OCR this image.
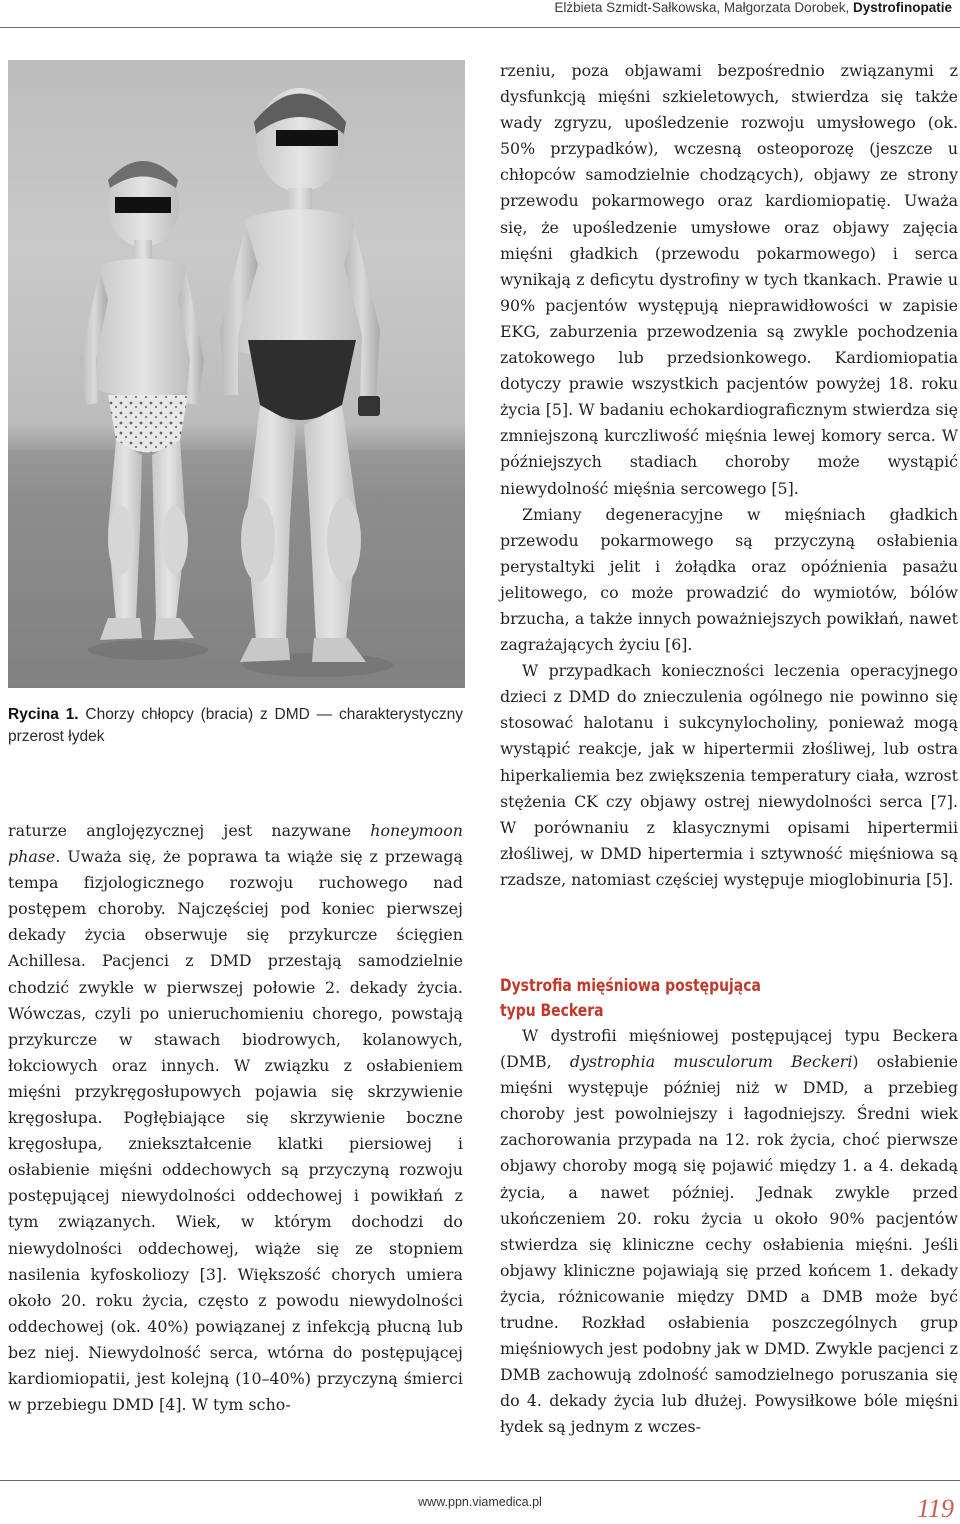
Elżbieta Szmidt-Sałkowska, Małgorzata Dorobek, Dystrofinopatie
Rycina 1. Chorzy chłopcy (bracia) z DMD — charakterystyczny przerost łydek

raturze anglojęzycznej jest nazywane honeymoon phase. Uważa się, że poprawa ta wiąże się z przewagą tempa fizjologicznego rozwoju ruchowego nad postępem choroby. Najczęściej pod koniec pierwszej dekady życia obserwuje się przykurcze ścięgien Achillesa. Pacjenci z DMD przestają samodzielnie chodzić zwykle w pierwszej połowie 2. dekady życia. Wówczas, czyli po unieruchomieniu chorego, powstają przykurcze w stawach biodrowych, kolanowych, łokciowych oraz innych. W związku z osłabieniem mięśni przykręgosłupowych pojawia się skrzywienie kręgosłupa. Pogłębiające się skrzywienie boczne kręgosłupa, zniekształcenie klatki piersiowej i osłabienie mięśni oddechowych są przyczyną rozwoju postępującej niewydolności oddechowej i powikłań z tym związanych. Wiek, w którym dochodzi do niewydolności oddechowej, wiąże się ze stopniem nasilenia kyfoskoliozy [3]. Większość chorych umiera około 20. roku życia, często z powodu niewydolności oddechowej (ok. 40%) powiązanej z infekcją płucną lub bez niej. Niewydolność serca, wtórna do postępującej kardiomiopatii, jest kolejną (10–40%) przyczyną śmierci w przebiegu DMD [4]. W tym scho-

rzeniu, poza objawami bezpośrednio związanymi z dysfunkcją mięśni szkieletowych, stwierdza się także wady zgryzu, upośledzenie rozwoju umysłowego (ok. 50% przypadków), wczesną osteoporozę (jeszcze u chłopców samodzielnie chodzących), objawy ze strony przewodu pokarmowego oraz kardiomiopatię. Uważa się, że upośledzenie umysłowe oraz objawy zajęcia mięśni gładkich (przewodu pokarmowego) i serca wynikają z deficytu dystrofiny w tych tkankach. Prawie u 90% pacjentów występują nieprawidłowości w zapisie EKG, zaburzenia przewodzenia są zwykle pochodzenia zatokowego lub przedsionkowego. Kardiomiopatia dotyczy prawie wszystkich pacjentów powyżej 18. roku życia [5]. W badaniu echokardiograficznym stwierdza się zmniejszoną kurczliwość mięśnia lewej komory serca. W późniejszych stadiach choroby może wystąpić niewydolność mięśnia sercowego [5].

Zmiany degeneracyjne w mięśniach gładkich przewodu pokarmowego są przyczyną osłabienia perystaltyki jelit i żołądka oraz opóźnienia pasażu jelitowego, co może prowadzić do wymiotów, bólów brzucha, a także innych poważniejszych powikłań, nawet zagrażających życiu [6].

W przypadkach konieczności leczenia operacyjnego dzieci z DMD do znieczulenia ogólnego nie powinno się stosować halotanu i sukcynylocholiny, ponieważ mogą wystąpić reakcje, jak w hipertermii złośliwej, lub ostra hiperkaliemia bez zwiększenia temperatury ciała, wzrost stężenia CK czy objawy ostrej niewydolności serca [7]. W porównaniu z klasycznymi opisami hipertermii złośliwej, w DMD hipertermia i sztywność mięśniowa są rzadsze, natomiast częściej występuje mioglobinuria [5].

Dystrofia mięśniowa postępująca
typu Beckera

W dystrofii mięśniowej postępującej typu Beckera (DMB, dystrophia musculorum Beckeri) osłabienie mięśni występuje później niż w DMD, a przebieg choroby jest powolniejszy i łagodniejszy. Średni wiek zachorowania przypada na 12. rok życia, choć pierwsze objawy choroby mogą się pojawić między 1. a 4. dekadą życia, a nawet później. Jednak zwykle przed ukończeniem 20. roku życia u około 90% pacjentów stwierdza się kliniczne cechy osłabienia mięśni. Jeśli objawy kliniczne pojawiają się przed końcem 1. dekady życia, różnicowanie między DMD a DMB może być trudne. Rozkład osłabienia poszczególnych grup mięśniowych jest podobny jak w DMD. Zwykle pacjenci z DMB zachowują zdolność samodzielnego poruszania się do 4. dekady życia lub dłużej. Powysiłkowe bóle mięśni łydek są jednym z wczes-

www.ppn.viamedica.pl	119
